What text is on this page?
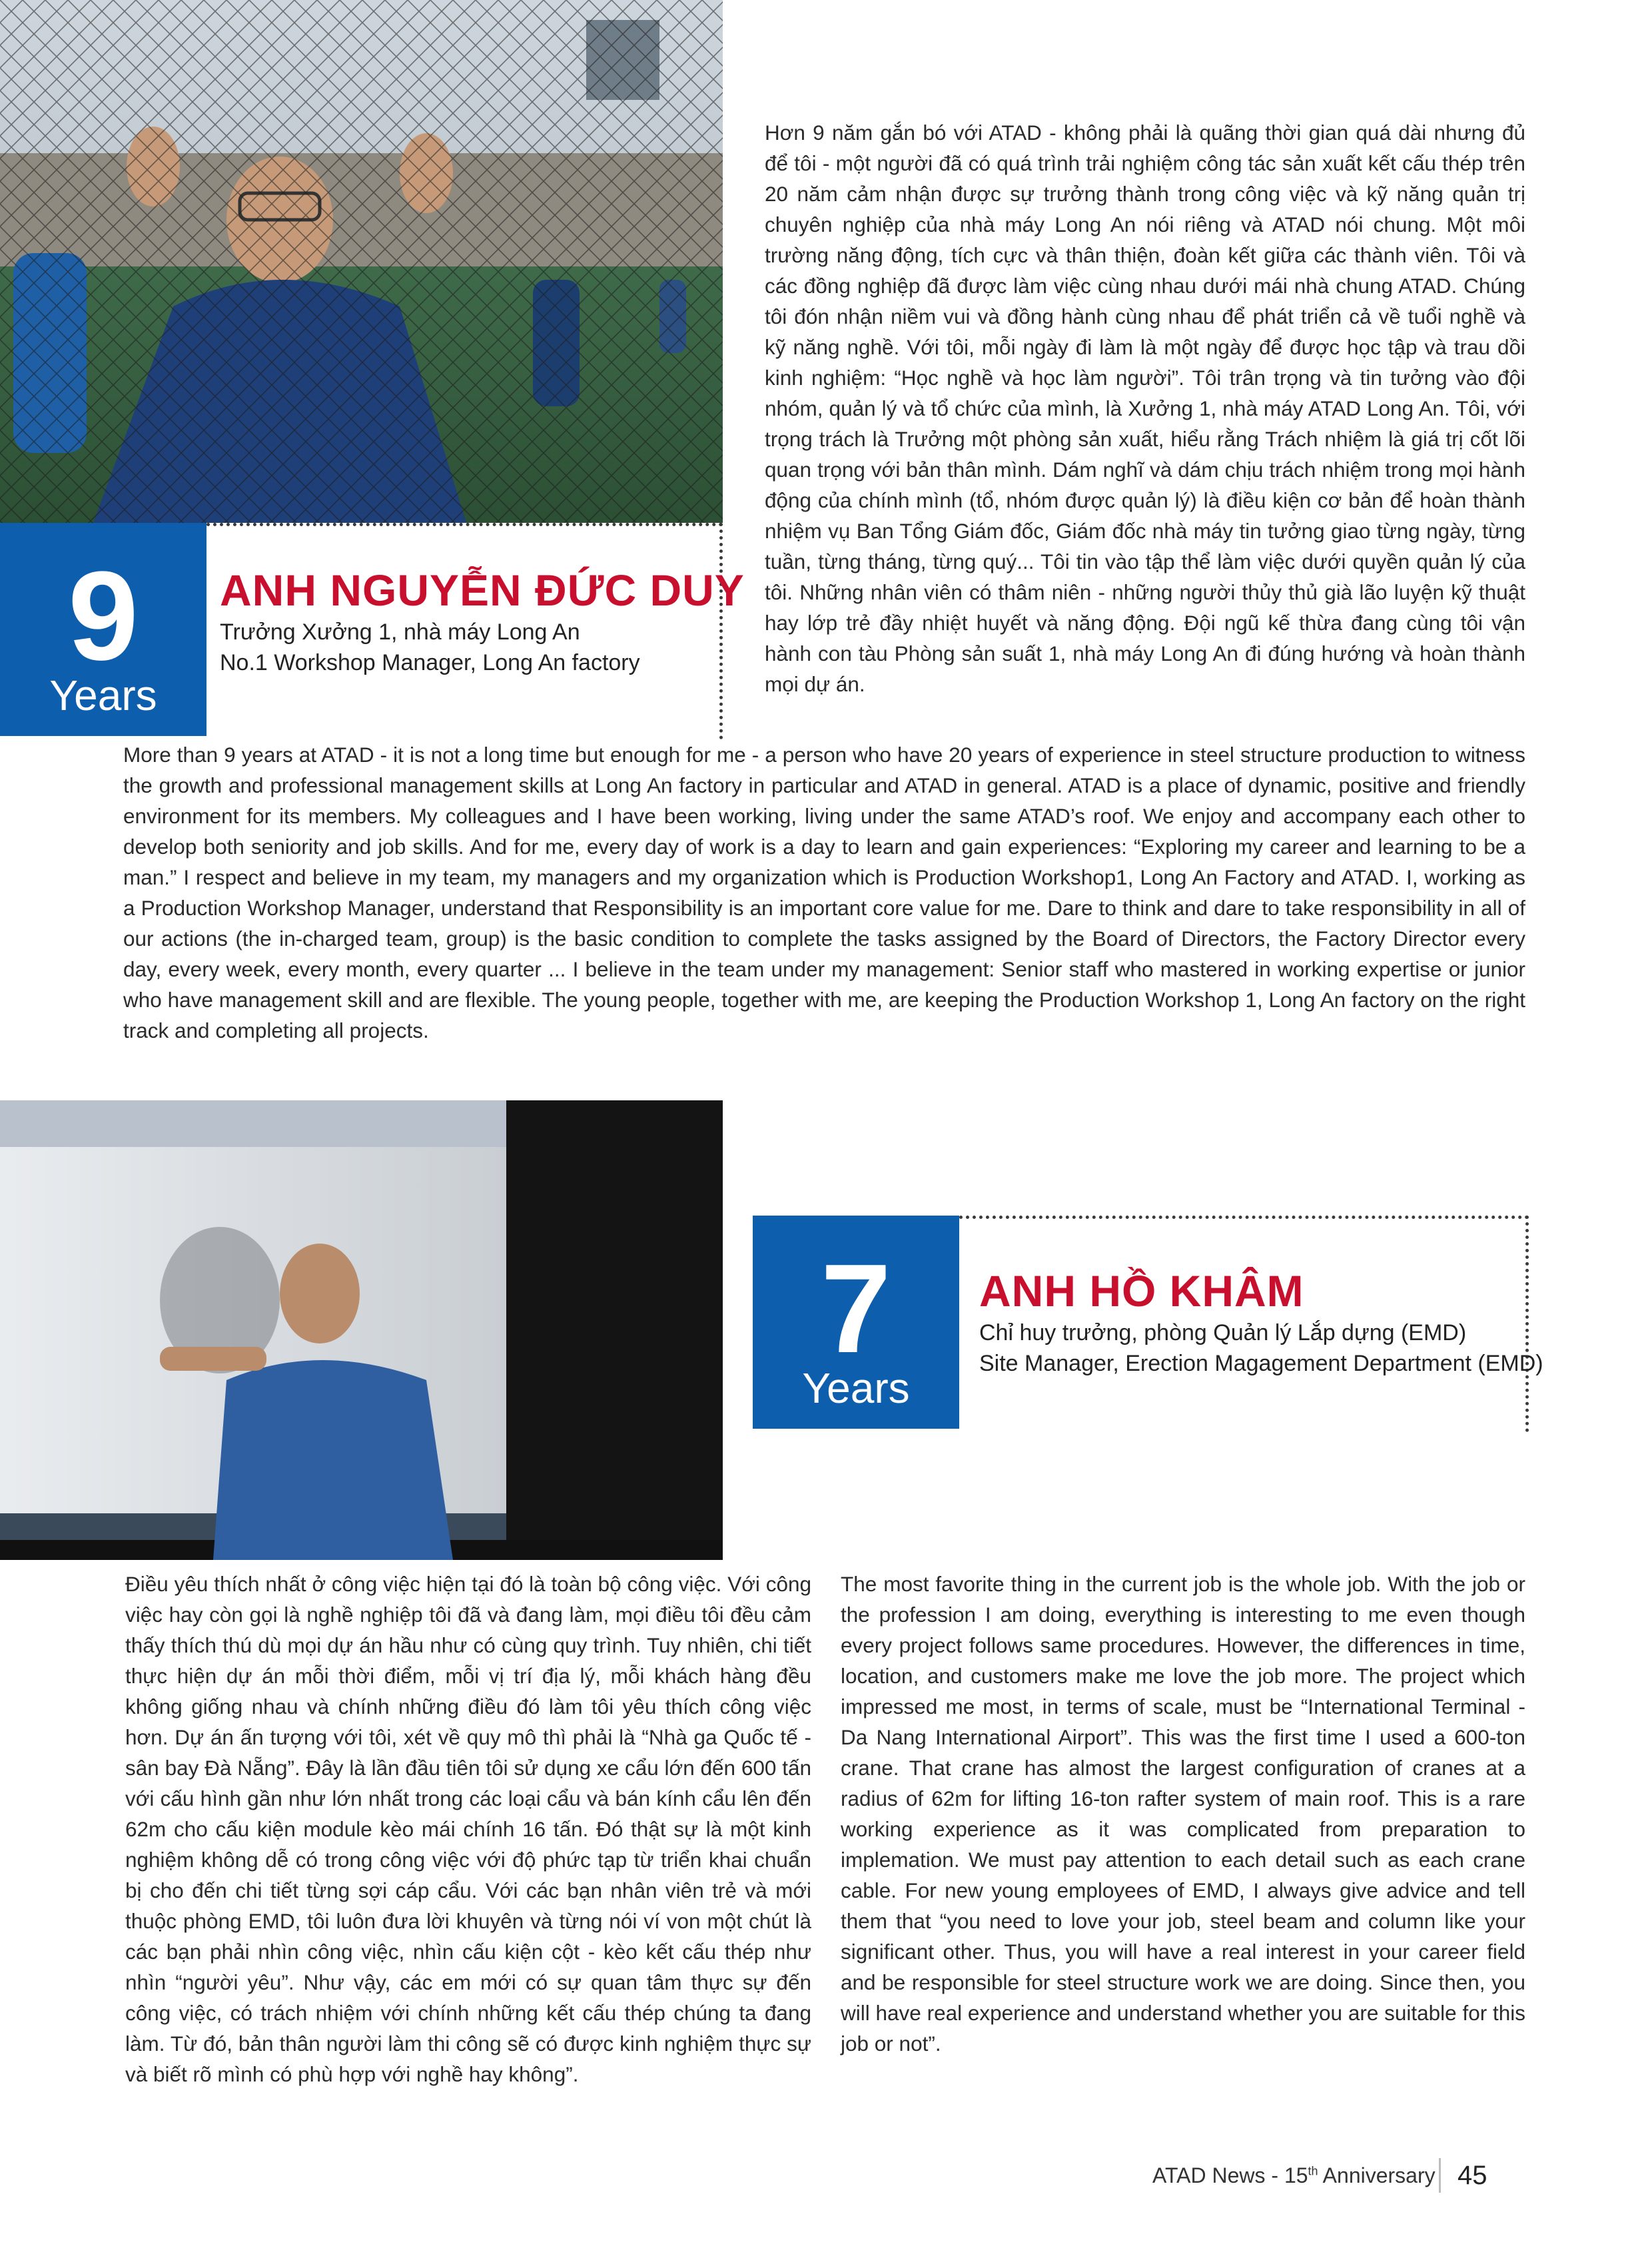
9
Years
ANH NGUYỄN ĐỨC DUY
Trưởng Xưởng 1, nhà máy Long An
No.1 Workshop Manager, Long An factory

Hơn 9 năm gắn bó với ATAD - không phải là quãng thời gian quá dài nhưng đủ để tôi - một người đã có quá trình trải nghiệm công tác sản xuất kết cấu thép trên 20 năm cảm nhận được sự trưởng thành trong công việc và kỹ năng quản trị chuyên nghiệp của nhà máy Long An nói riêng và ATAD nói chung. Một môi trường năng động, tích cực và thân thiện, đoàn kết giữa các thành viên. Tôi và các đồng nghiệp đã được làm việc cùng nhau dưới mái nhà chung ATAD. Chúng tôi đón nhận niềm vui và đồng hành cùng nhau để phát triển cả về tuổi nghề và kỹ năng nghề. Với tôi, mỗi ngày đi làm là một ngày để được học tập và trau dồi kinh nghiệm: “Học nghề và học làm người”. Tôi trân trọng và tin tưởng vào đội nhóm, quản lý và tổ chức của mình, là Xưởng 1, nhà máy ATAD Long An. Tôi, với trọng trách là Trưởng một phòng sản xuất, hiểu rằng Trách nhiệm là giá trị cốt lõi quan trọng với bản thân mình. Dám nghĩ và dám chịu trách nhiệm trong mọi hành động của chính mình (tổ, nhóm được quản lý) là điều kiện cơ bản để hoàn thành nhiệm vụ Ban Tổng Giám đốc, Giám đốc nhà máy tin tưởng giao từng ngày, từng tuần, từng tháng, từng quý... Tôi tin vào tập thể làm việc dưới quyền quản lý của tôi. Những nhân viên có thâm niên - những người thủy thủ già lão luyện kỹ thuật hay lớp trẻ đầy nhiệt huyết và năng động. Đội ngũ kế thừa đang cùng tôi vận hành con tàu Phòng sản suất 1, nhà máy Long An đi đúng hướng và hoàn thành mọi dự án.

More than 9 years at ATAD - it is not a long time but enough for me - a person who have 20 years of experience in steel structure production to witness the growth and professional management skills at Long An factory in particular and ATAD in general. ATAD is a place of dynamic, positive and friendly environment for its members. My colleagues and I have been working, living under the same ATAD’s roof. We enjoy and accompany each other to develop both seniority and job skills. And for me, every day of work is a day to learn and gain experiences: “Exploring my career and learning to be a man.” I respect and believe in my team, my managers and my organization which is Production Workshop1, Long An Factory and ATAD. I, working as a Production Workshop Manager, understand that Responsibility is an important core value for me. Dare to think and dare to take responsibility in all of our actions (the in-charged team, group) is the basic condition to complete the tasks assigned by the Board of Directors, the Factory Director every day, every week, every month, every quarter ... I believe in the team under my management: Senior staff who mastered in working expertise or junior who have management skill and are flexible. The young people, together with me, are keeping the Production Workshop 1, Long An factory on the right track and completing all projects.

7
Years
ANH HỒ KHÂM
Chỉ huy trưởng, phòng Quản lý Lắp dựng (EMD)
Site Manager, Erection Magagement Department (EMD)

Điều yêu thích nhất ở công việc hiện tại đó là toàn bộ công việc. Với công việc hay còn gọi là nghề nghiệp tôi đã và đang làm, mọi điều tôi đều cảm thấy thích thú dù mọi dự án hầu như có cùng quy trình. Tuy nhiên, chi tiết thực hiện dự án mỗi thời điểm, mỗi vị trí địa lý, mỗi khách hàng đều không giống nhau và chính những điều đó làm tôi yêu thích công việc hơn. Dự án ấn tượng với tôi, xét về quy mô thì phải là “Nhà ga Quốc tế - sân bay Đà Nẵng”. Đây là lần đầu tiên tôi sử dụng xe cẩu lớn đến 600 tấn với cấu hình gần như lớn nhất trong các loại cẩu và bán kính cẩu lên đến 62m cho cấu kiện module kèo mái chính 16 tấn. Đó thật sự là một kinh nghiệm không dễ có trong công việc với độ phức tạp từ triển khai chuẩn bị cho đến chi tiết từng sợi cáp cẩu. Với các bạn nhân viên trẻ và mới thuộc phòng EMD, tôi luôn đưa lời khuyên và từng nói ví von một chút là các bạn phải nhìn công việc, nhìn cấu kiện cột - kèo kết cấu thép như nhìn “người yêu”. Như vậy, các em mới có sự quan tâm thực sự đến công việc, có trách nhiệm với chính những kết cấu thép chúng ta đang làm. Từ đó, bản thân người làm thi công sẽ có được kinh nghiệm thực sự và biết rõ mình có phù hợp với nghề hay không”.

The most favorite thing in the current job is the whole job. With the job or the profession I am doing, everything is interesting to me even though every project follows same procedures. However, the differences in time, location, and customers make me love the job more. The project which impressed me most, in terms of scale, must be “International Terminal - Da Nang International Airport”. This was the first time I used a 600-ton crane. That crane has almost the largest configuration of cranes at a radius of 62m for lifting 16-ton rafter system of main roof. This is a rare working experience as it was complicated from preparation to implemation. We must pay attention to each detail such as each crane cable. For new young employees of EMD, I always give advice and tell them that “you need to love your job, steel beam and column like your significant other. Thus, you will have a real interest in your career field and be responsible for steel structure work we are doing. Since then, you will have real experience and understand whether you are suitable for this job or not”.

ATAD News - 15th Anniversary 45
